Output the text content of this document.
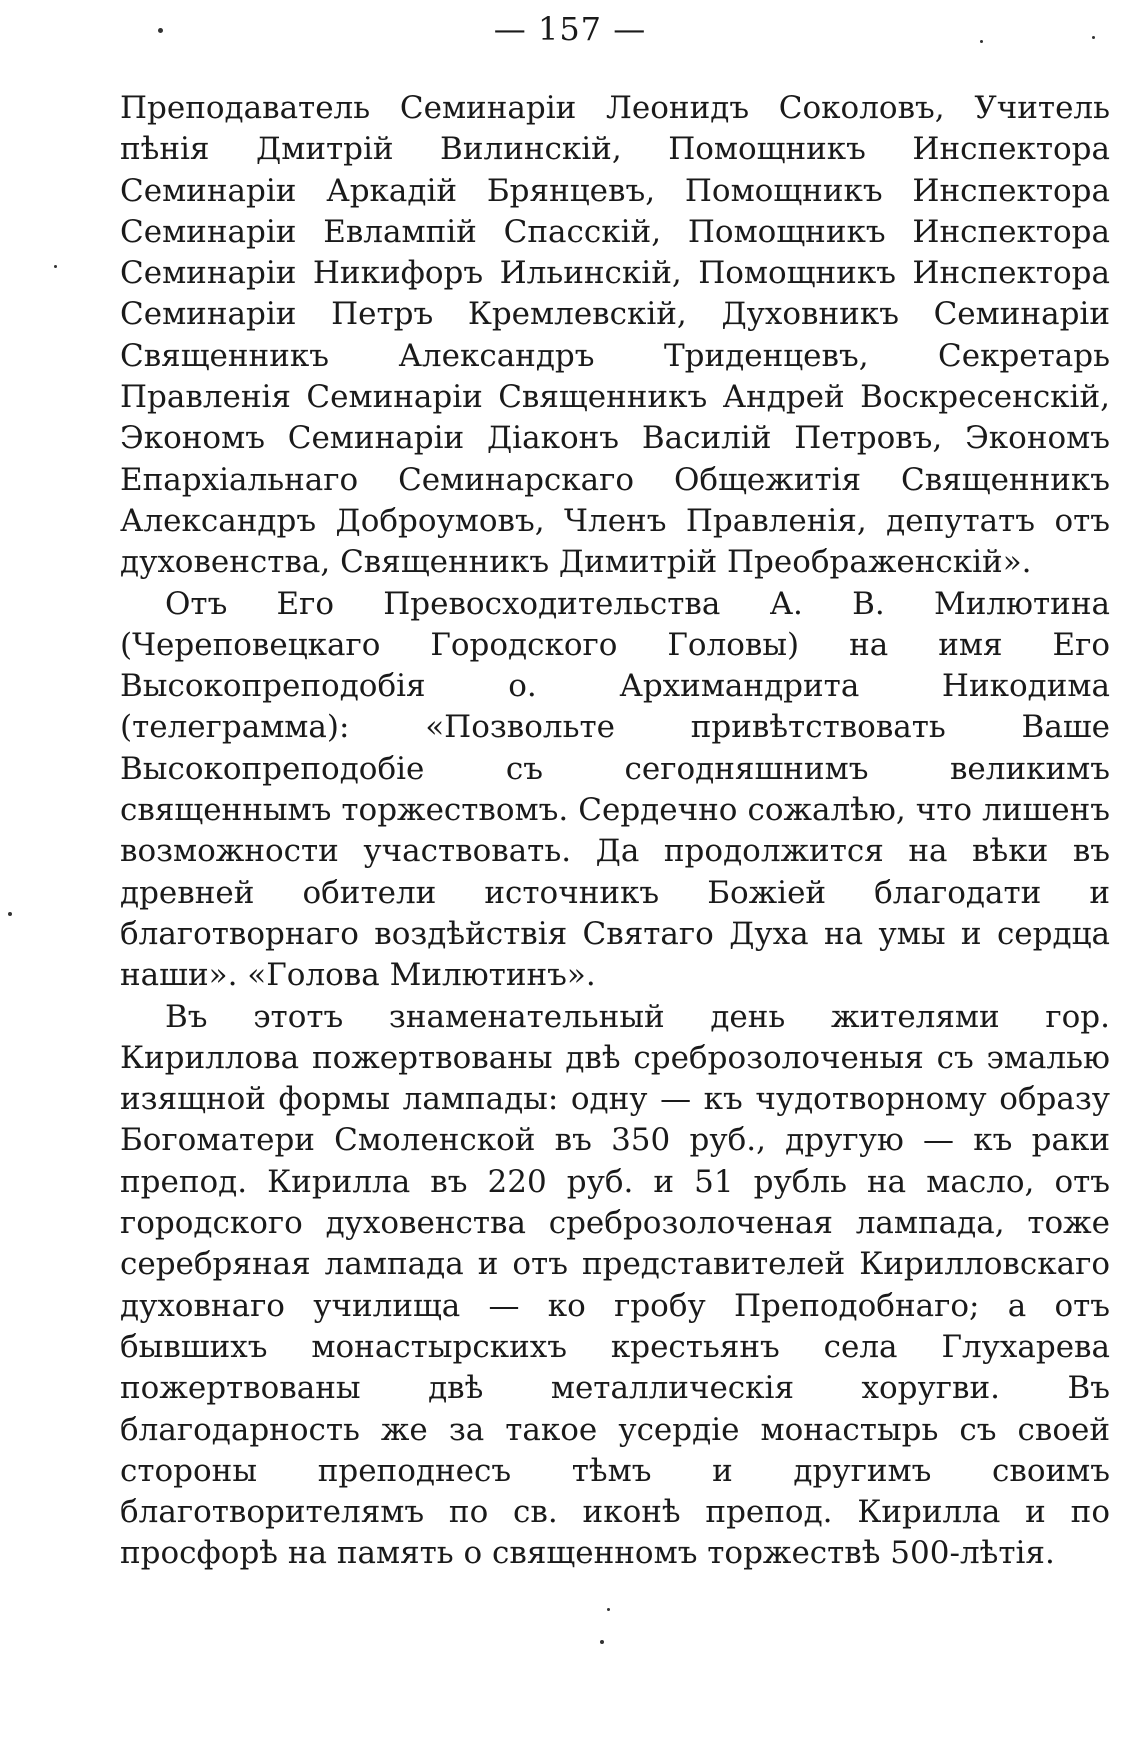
— 157 —

Преподаватель Семинаріи Леонидъ Соколовъ, Учитель пѣнія Дмитрій Вилинскій, Помощникъ Инспектора Семинаріи Аркадій Брянцевъ, Помощникъ Инспектора Семинаріи Евлампій Спасскій, Помощникъ Инспектора Семинаріи Никифоръ Ильинскій, Помощникъ Инспектора Семинаріи Петръ Кремлевскій, Духовникъ Семинаріи Священникъ Александръ Триденцевъ, Секретарь Правленія Семинаріи Священникъ Андрей Воскресенскій, Экономъ Семинаріи Діаконъ Василій Петровъ, Экономъ Епархіальнаго Семинарскаго Общежитія Священникъ Александръ Доброумовъ, Членъ Правленія, депутатъ отъ духовенства, Священникъ Димитрій Преображенскій».

Отъ Его Превосходительства А. В. Милютина (Череповецкаго Городского Головы) на имя Его Высокопреподобія о. Архимандрита Никодима (телеграмма): «Позвольте привѣтствовать Ваше Высокопреподобіе съ сегодняшнимъ великимъ священнымъ торжествомъ. Сердечно сожалѣю, что лишенъ возможности участвовать. Да продолжится на вѣки въ древней обители источникъ Божіей благодати и благотворнаго воздѣйствія Святаго Духа на умы и сердца наши». «Голова Милютинъ».

Въ этотъ знаменательный день жителями гор. Кириллова пожертвованы двѣ среброзолоченыя съ эмалью изящной формы лампады: одну — къ чудотворному образу Богоматери Смоленской въ 350 руб., другую — къ раки препод. Кирилла въ 220 руб. и 51 рубль на масло, отъ городского духовенства среброзолоченая лампада, тоже серебряная лампада и отъ представителей Кирилловскаго духовнаго училища — ко гробу Преподобнаго; а отъ бывшихъ монастырскихъ крестьянъ села Глухарева пожертвованы двѣ металлическія хоругви. Въ благодарность же за такое усердіе монастырь съ своей стороны преподнесъ тѣмъ и другимъ своимъ благотворителямъ по св. иконѣ препод. Кирилла и по просфорѣ на память о священномъ торжествѣ 500-лѣтія.
